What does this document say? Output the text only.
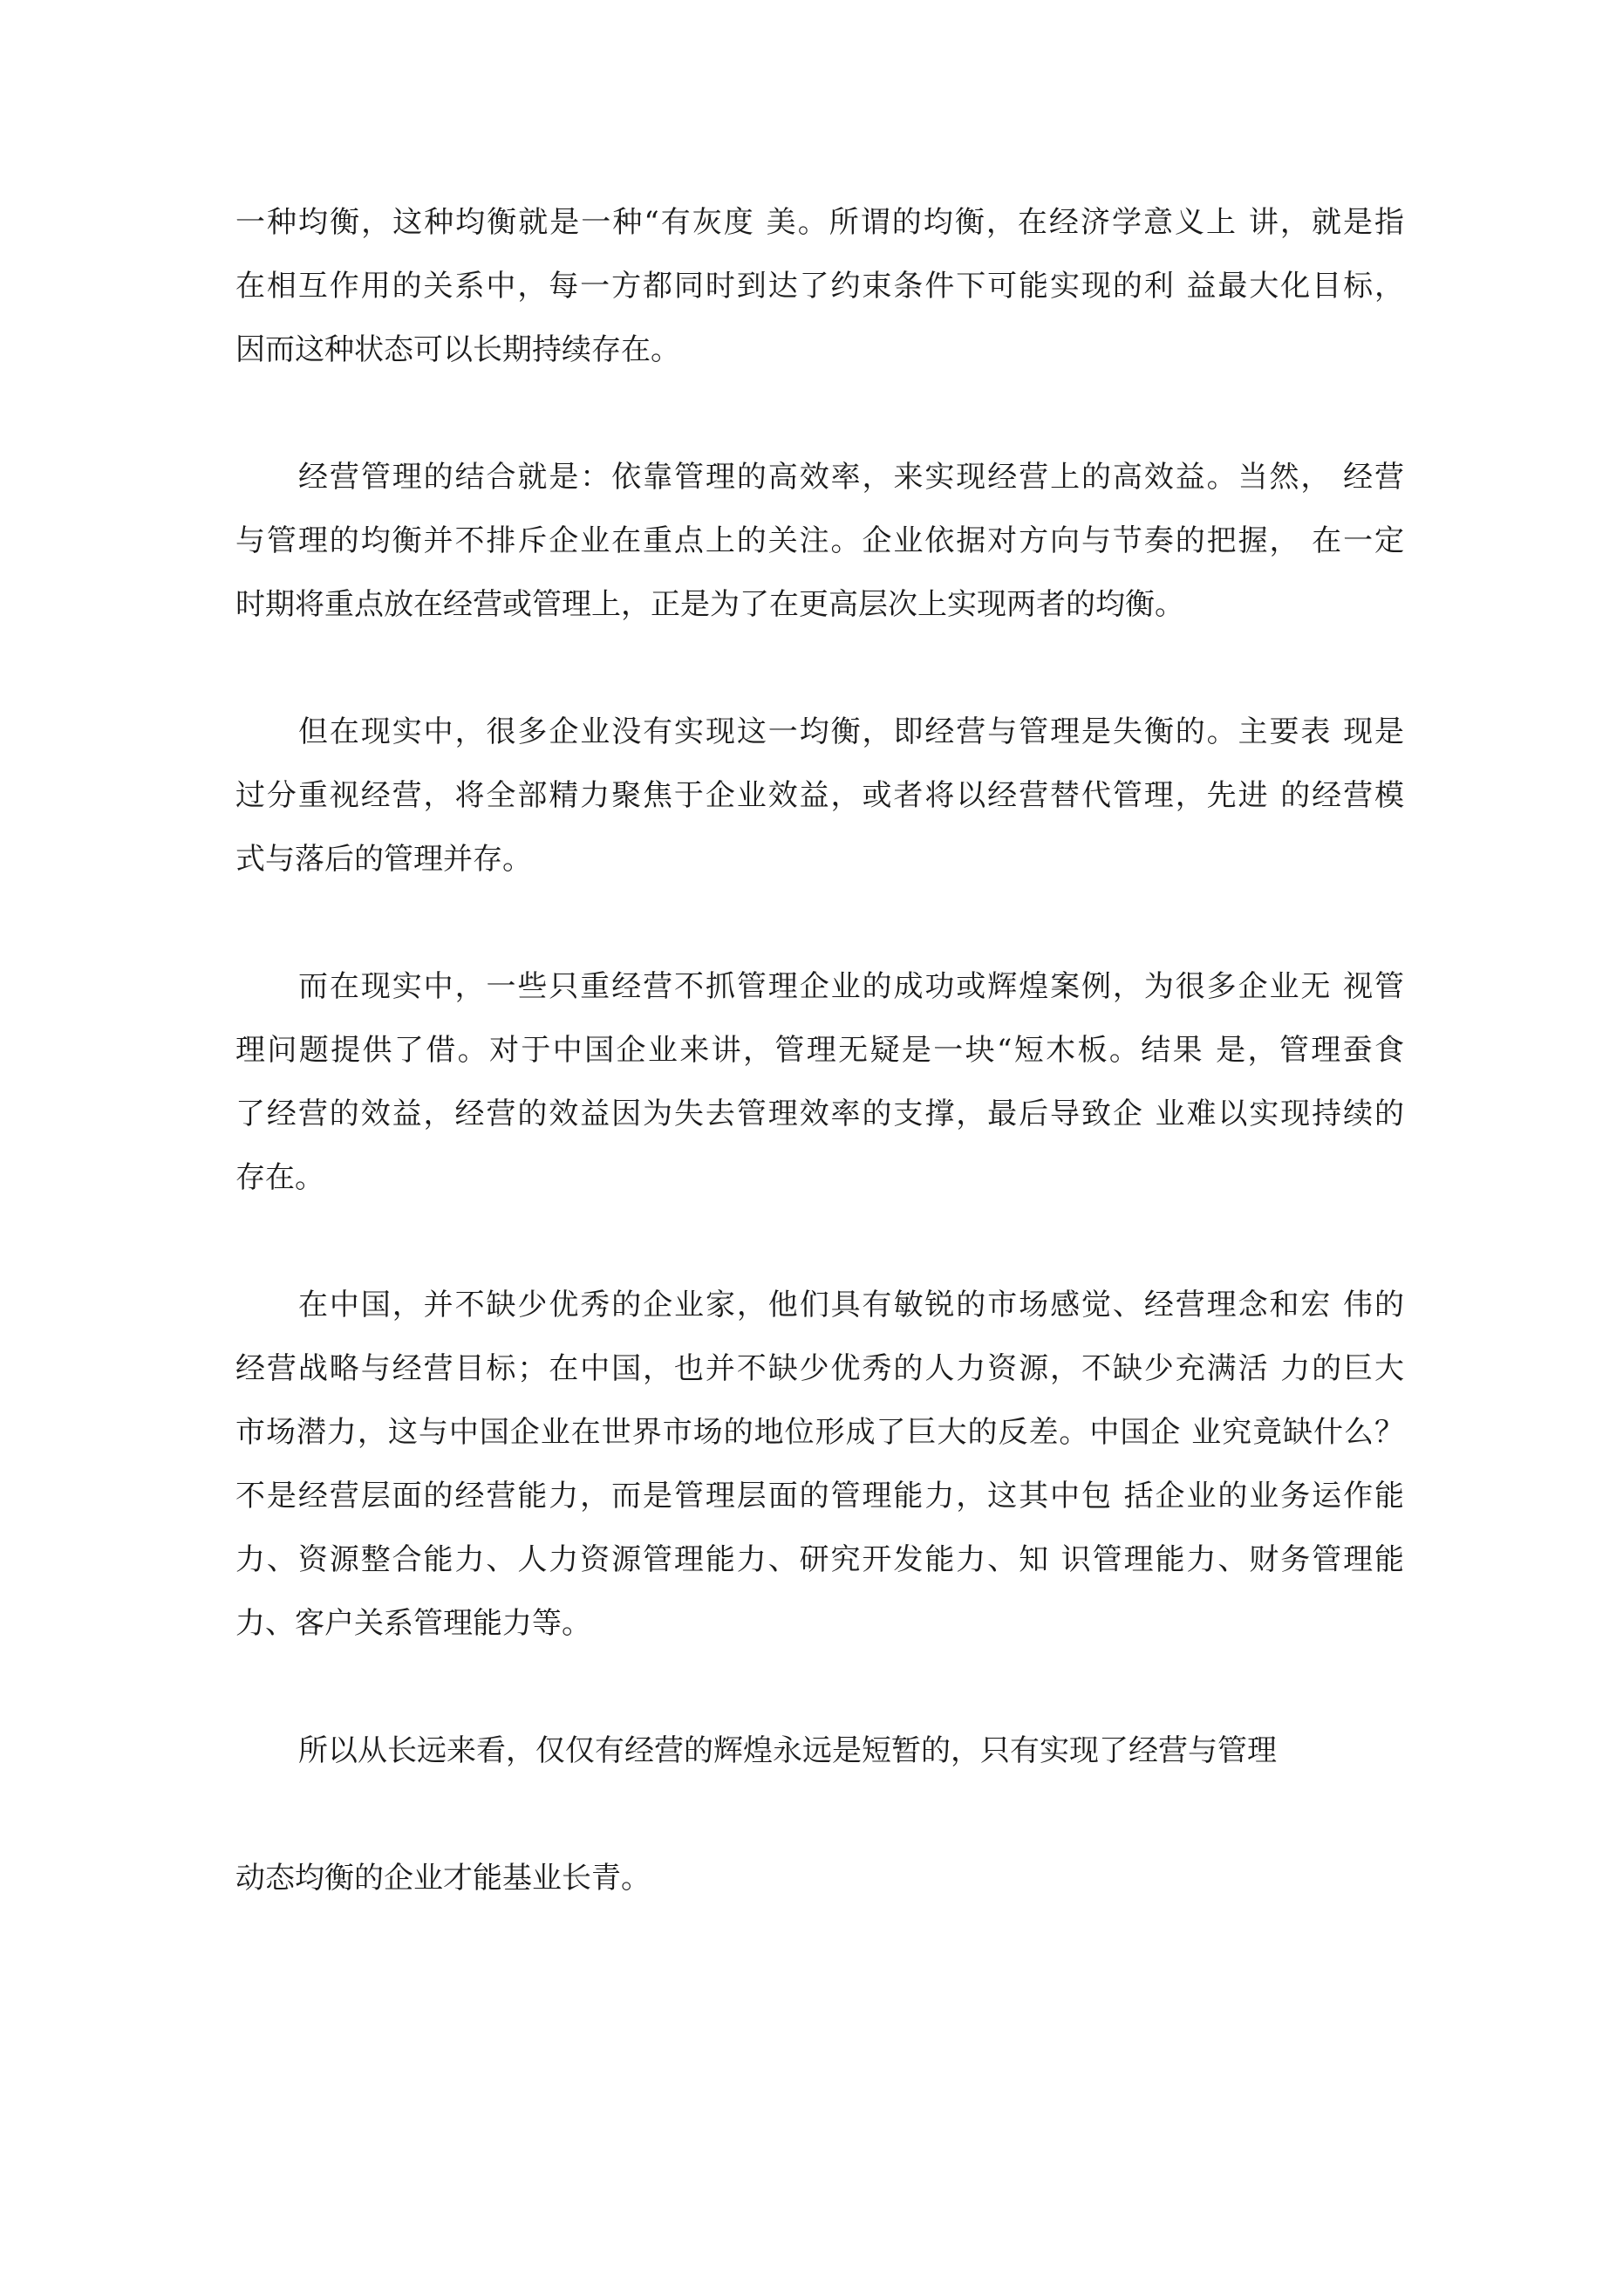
一种均衡，这种均衡就是一种“有灰度 美。所谓的均衡，在经济学意义上 讲，就是指
在相互作用的关系中，每一方都同时到达了约束条件下可能实现的利 益最大化目标，
因而这种状态可以长期持续存在。
经营管理的结合就是：依靠管理的高效率，来实现经营上的高效益。当然， 经营
与管理的均衡并不排斥企业在重点上的关注。企业依据对方向与节奏的把握， 在一定
时期将重点放在经营或管理上，正是为了在更高层次上实现两者的均衡。
但在现实中，很多企业没有实现这一均衡，即经营与管理是失衡的。主要表 现是
过分重视经营，将全部精力聚焦于企业效益，或者将以经营替代管理，先进 的经营模
式与落后的管理并存。
而在现实中，一些只重经营不抓管理企业的成功或辉煌案例，为很多企业无 视管
理问题提供了借。对于中国企业来讲，管理无疑是一块“短木板。结果 是，管理蚕食
了经营的效益，经营的效益因为失去管理效率的支撑，最后导致企 业难以实现持续的
存在。
在中国，并不缺少优秀的企业家，他们具有敏锐的市场感觉、经营理念和宏 伟的
经营战略与经营目标；在中国，也并不缺少优秀的人力资源，不缺少充满活 力的巨大
市场潜力，这与中国企业在世界市场的地位形成了巨大的反差。中国企 业究竟缺什么？
不是经营层面的经营能力，而是管理层面的管理能力，这其中包 括企业的业务运作能
力、资源整合能力、人力资源管理能力、研究开发能力、知 识管理能力、财务管理能
力、客户关系管理能力等。
所以从长远来看，仅仅有经营的辉煌永远是短暂的，只有实现了经营与管理
动态均衡的企业才能基业长青。
